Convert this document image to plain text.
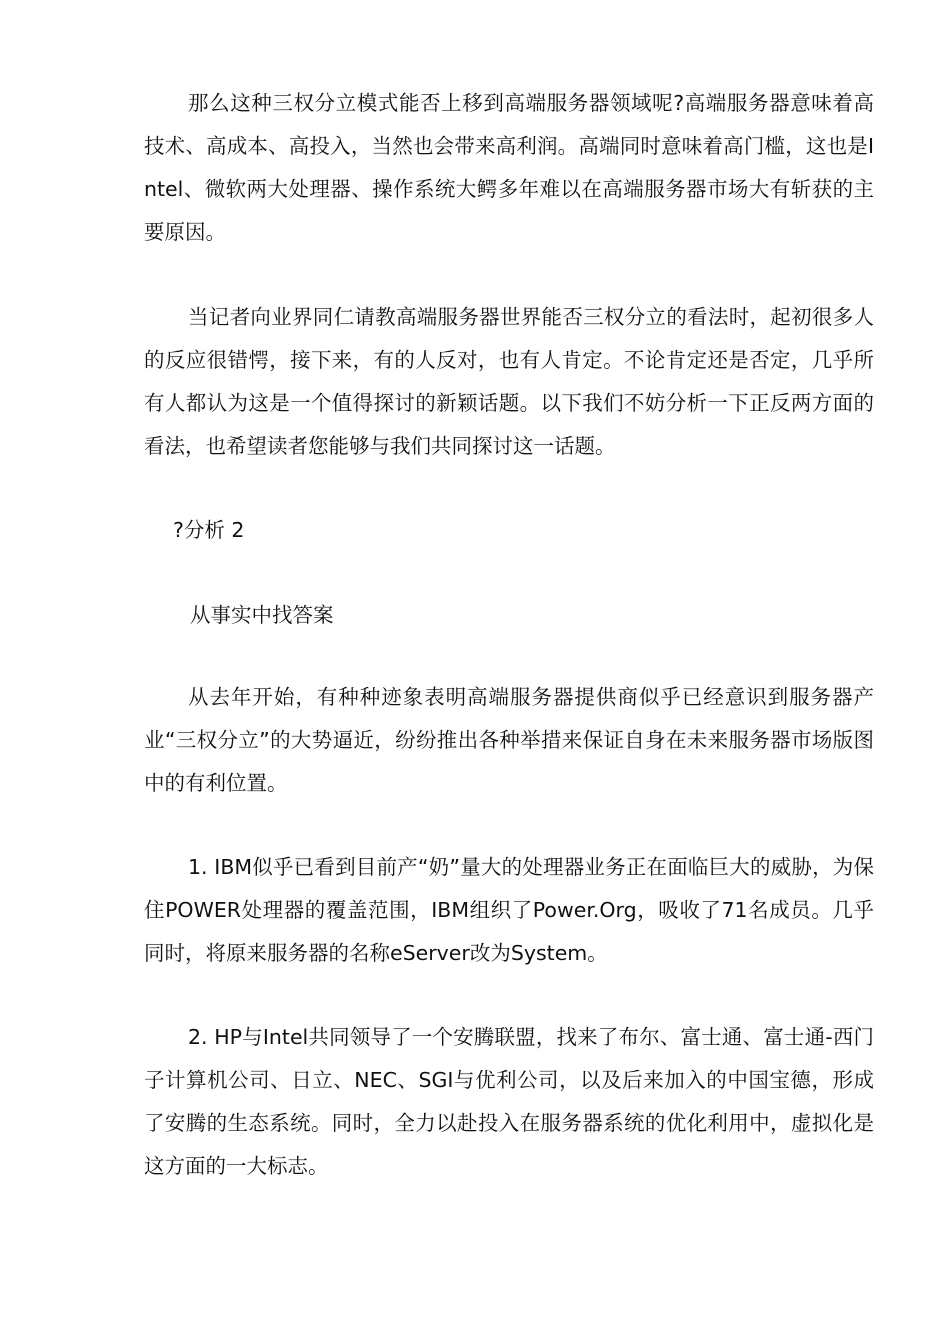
那么这种三权分立模式能否上移到高端服务器领域呢?高端服务器意味着高技术、高成本、高投入，当然也会带来高利润。高端同时意味着高门槛，这也是Intel、微软两大处理器、操作系统大鳄多年难以在高端服务器市场大有斩获的主要原因。

当记者向业界同仁请教高端服务器世界能否三权分立的看法时，起初很多人的反应很错愕，接下来，有的人反对，也有人肯定。不论肯定还是否定，几乎所有人都认为这是一个值得探讨的新颖话题。以下我们不妨分析一下正反两方面的看法，也希望读者您能够与我们共同探讨这一话题。

?分析 2

从事实中找答案

从去年开始，有种种迹象表明高端服务器提供商似乎已经意识到服务器产业“三权分立”的大势逼近，纷纷推出各种举措来保证自身在未来服务器市场版图中的有利位置。

1. IBM似乎已看到目前产“奶”量大的处理器业务正在面临巨大的威胁，为保住POWER处理器的覆盖范围，IBM组织了Power.Org，吸收了71名成员。几乎同时，将原来服务器的名称eServer改为System。

2. HP与Intel共同领导了一个安腾联盟，找来了布尔、富士通、富士通-西门子计算机公司、日立、NEC、SGI与优利公司，以及后来加入的中国宝德，形成了安腾的生态系统。同时，全力以赴投入在服务器系统的优化利用中，虚拟化是这方面的一大标志。
